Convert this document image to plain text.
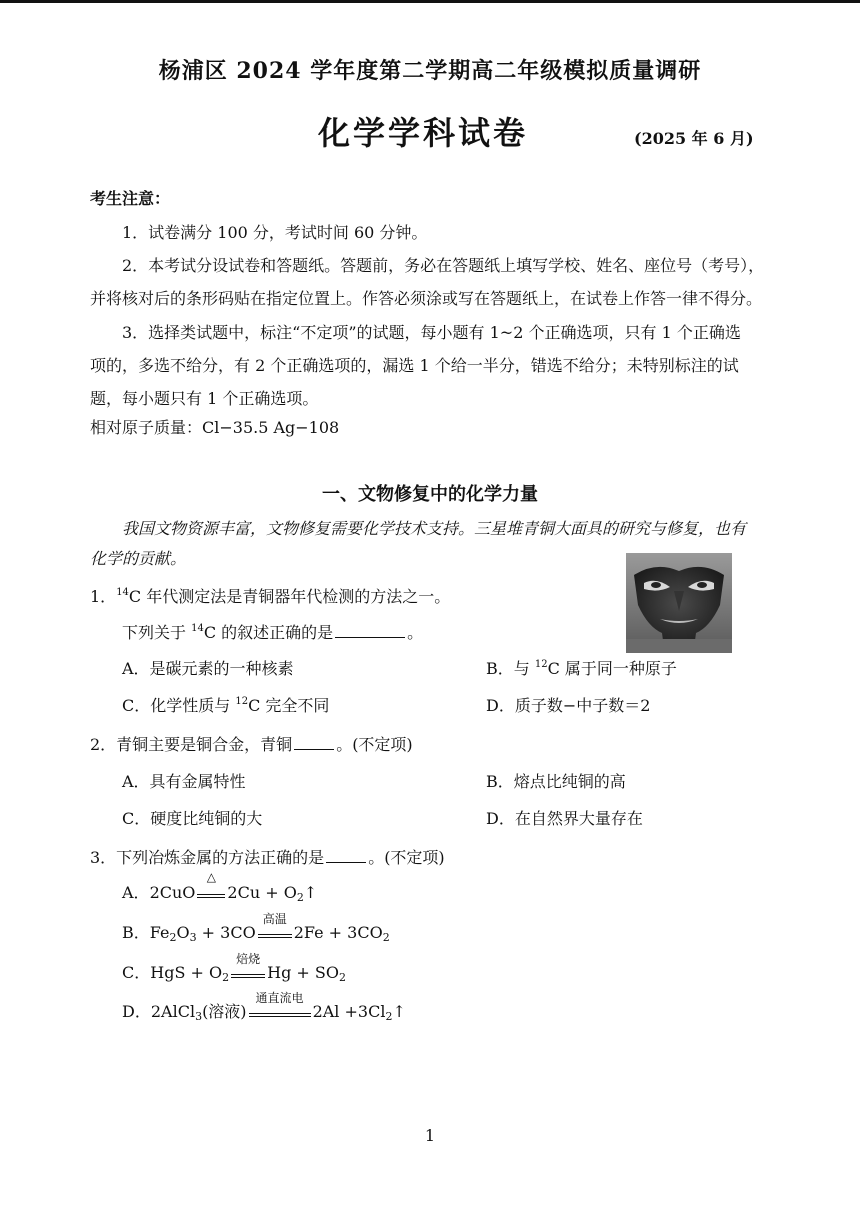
杨浦区 2024 学年度第二学期高二年级模拟质量调研
化学学科试卷	(2025 年 6 月)
考生注意：
1．试卷满分 100 分，考试时间 60 分钟。
2．本考试分设试卷和答题纸。答题前，务必在答题纸上填写学校、姓名、座位号（考号），
并将核对后的条形码贴在指定位置上。作答必须涂或写在答题纸上，在试卷上作答一律不得分。
3．选择类试题中，标注“不定项”的试题，每小题有 1~2 个正确选项，只有 1 个正确选
项的，多选不给分，有 2 个正确选项的，漏选 1 个给一半分，错选不给分；未特别标注的试
题，每小题只有 1 个正确选项。
相对原子质量：Cl−35.5 Ag−108
一、文物修复中的化学力量
我国文物资源丰富，文物修复需要化学技术支持。三星堆青铜大面具的研究与修复，也有
化学的贡献。
1．$^{14}$C 年代测定法是青铜器年代检测的方法之一。
下列关于 $^{14}$C 的叙述正确的是	。
A．是碳元素的一种核素	B．与 $^{12}$C 属于同一种原子
C．化学性质与 $^{12}$C 完全不同	D．质子数−中子数＝2
2．青铜主要是铜合金，青铜	。(不定项)
A．具有金属特性	B．熔点比纯铜的高
C．硬度比纯铜的大	D．在自然界大量存在
3．下列冶炼金属的方法正确的是	。(不定项)
A．2CuO
△
$2Cu + O_2↑$
B．$Fe_2O_3 + 3CO$
高温
$2Fe + 3CO_2$
C．HgS + $O_2$
焙烧
$Hg + SO_2$
D．2AlCl$_3$(溶液)
通直流电
$2Al +3Cl_2↑$
1
